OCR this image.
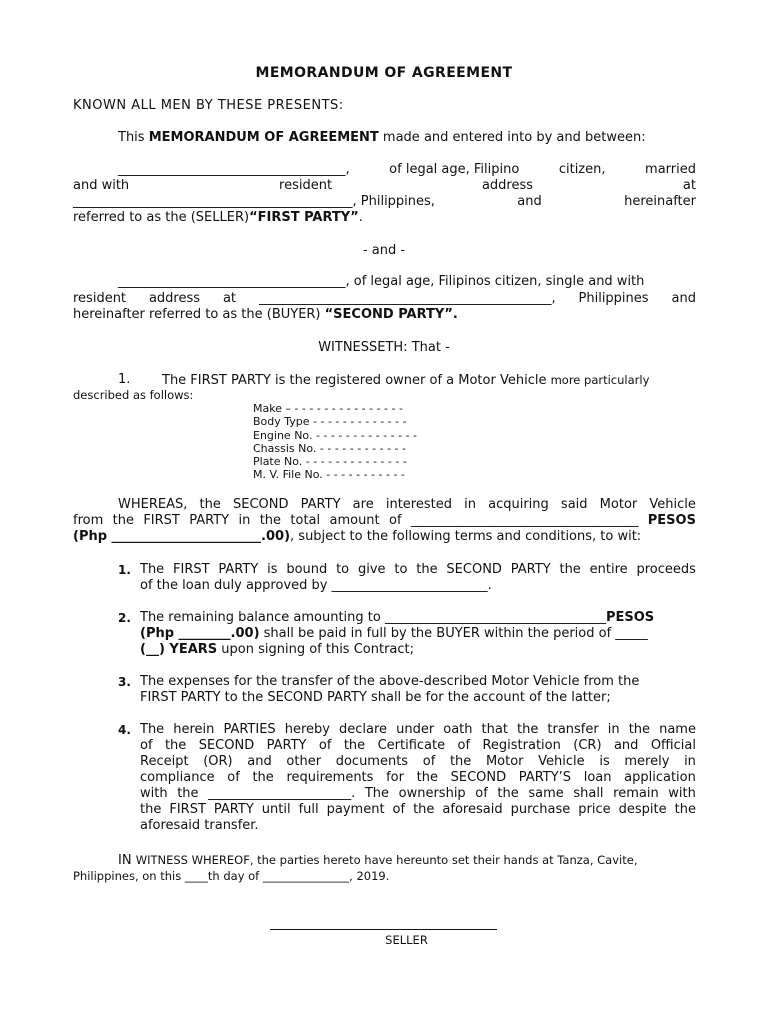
MEMORANDUM OF AGREEMENT
KNOWN ALL MEN BY THESE PRESENTS:
This MEMORANDUM OF AGREEMENT made and entered into by and between:
___________________________________,	of legal age, Filipino	citizen,	married
and with	resident	address	at
___________________________________________, Philippines,	and	hereinafter
referred to as the (SELLER)“FIRST PARTY”.
- and -
___________________________________, of legal age, Filipinos citizen, single and with
resident address at _____________________________________________, Philippines and
hereinafter referred to as the (BUYER) “SECOND PARTY”.
WITNESSETH: That -
1. The FIRST PARTY is the registered owner of a Motor Vehicle more particularly
described as follows:
Make – - - - - - - - - - - - - - - -
Body Type - - - - - - - - - - - - -
Engine No. - - - - - - - - - - - - - -
Chassis No. - - - - - - - - - - - -
Plate No. - - - - - - - - - - - - - -
M. V. File No. - - - - - - - - - - -
WHEREAS, the SECOND PARTY are interested in acquiring said Motor Vehicle
from the FIRST PARTY in the total amount of ___________________________________ PESOS
(Php _______________________.00), subject to the following terms and conditions, to wit:
1. The FIRST PARTY is bound to give to the SECOND PARTY the entire proceeds
of the loan duly approved by ________________________.
2. The remaining balance amounting to __________________________________PESOS
(Php ________.00) shall be paid in full by the BUYER within the period of _____
(__) YEARS upon signing of this Contract;
3. The expenses for the transfer of the above-described Motor Vehicle from the
FIRST PARTY to the SECOND PARTY shall be for the account of the latter;
4. The herein PARTIES hereby declare under oath that the transfer in the name
of the SECOND PARTY of the Certificate of Registration (CR) and Official
Receipt (OR) and other documents of the Motor Vehicle is merely in
compliance of the requirements for the SECOND PARTY’S loan application
with the ______________________. The ownership of the same shall remain with
the FIRST PARTY until full payment of the aforesaid purchase price despite the
aforesaid transfer.
IN WITNESS WHEREOF, the parties hereto have hereunto set their hands at Tanza, Cavite,
Philippines, on this ____th day of _______________, 2019.
SELLER
